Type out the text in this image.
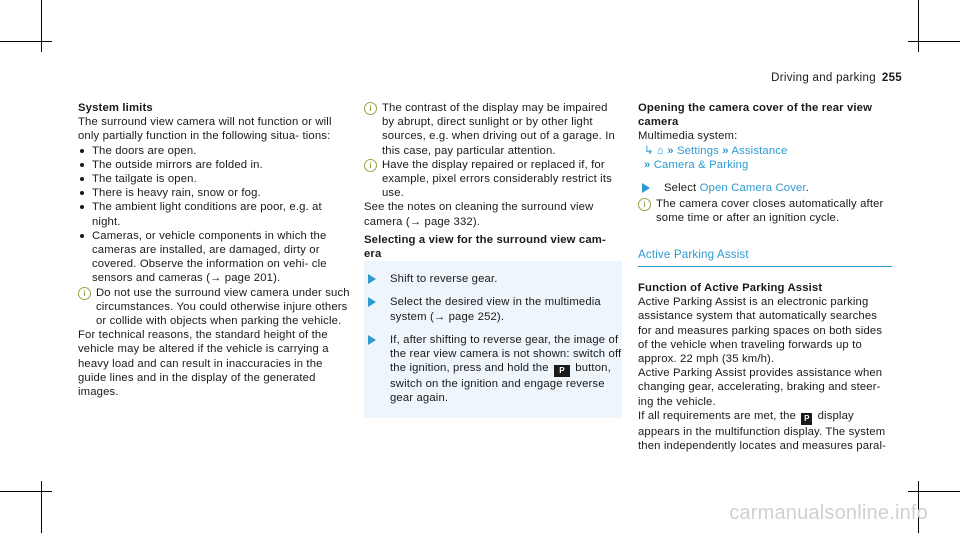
Driving and parking 255

System limits

The surround view camera will not function or will only partially function in the following situa- tions:

The doors are open.
The outside mirrors are folded in.
The tailgate is open.
There is heavy rain, snow or fog.
The ambient light conditions are poor, e.g. at night.
Cameras, or vehicle components in which the cameras are installed, are damaged, dirty or covered. Observe the information on vehi- cle sensors and cameras (→ page 201).
i Do not use the surround view camera under such circumstances. You could otherwise injure others or collide with objects when parking the vehicle.

For technical reasons, the standard height of the vehicle may be altered if the vehicle is carrying a heavy load and can result in inaccuracies in the guide lines and in the display of the generated images.

i The contrast of the display may be impaired by abrupt, direct sunlight or by other light sources, e.g. when driving out of a garage. In this case, pay particular attention.
i Have the display repaired or replaced if, for example, pixel errors considerably restrict its use.

See the notes on cleaning the surround view camera (→ page 332).

Selecting a view for the surround view cam- era

Shift to reverse gear.
Select the desired view in the multimedia system (→ page 252).
If, after shifting to reverse gear, the image of the rear view camera is not shown: switch off the ignition, press and hold the P button, switch on the ignition and engage reverse gear again.

Opening the camera cover of the rear view camera

Multimedia system:

↳ ⌂ » Settings » Assistance

» Camera & Parking

Select Open Camera Cover.
i The camera cover closes automatically after some time or after an ignition cycle.

Active Parking Assist

Function of Active Parking Assist

Active Parking Assist is an electronic parking assistance system that automatically searches for and measures parking spaces on both sides of the vehicle when traveling forwards up to approx. 22 mph (35 km/h).

Active Parking Assist provides assistance when changing gear, accelerating, braking and steer- ing the vehicle.

If all requirements are met, the P display appears in the multifunction display. The system then independently locates and measures paral-

carmanualsonline.info
